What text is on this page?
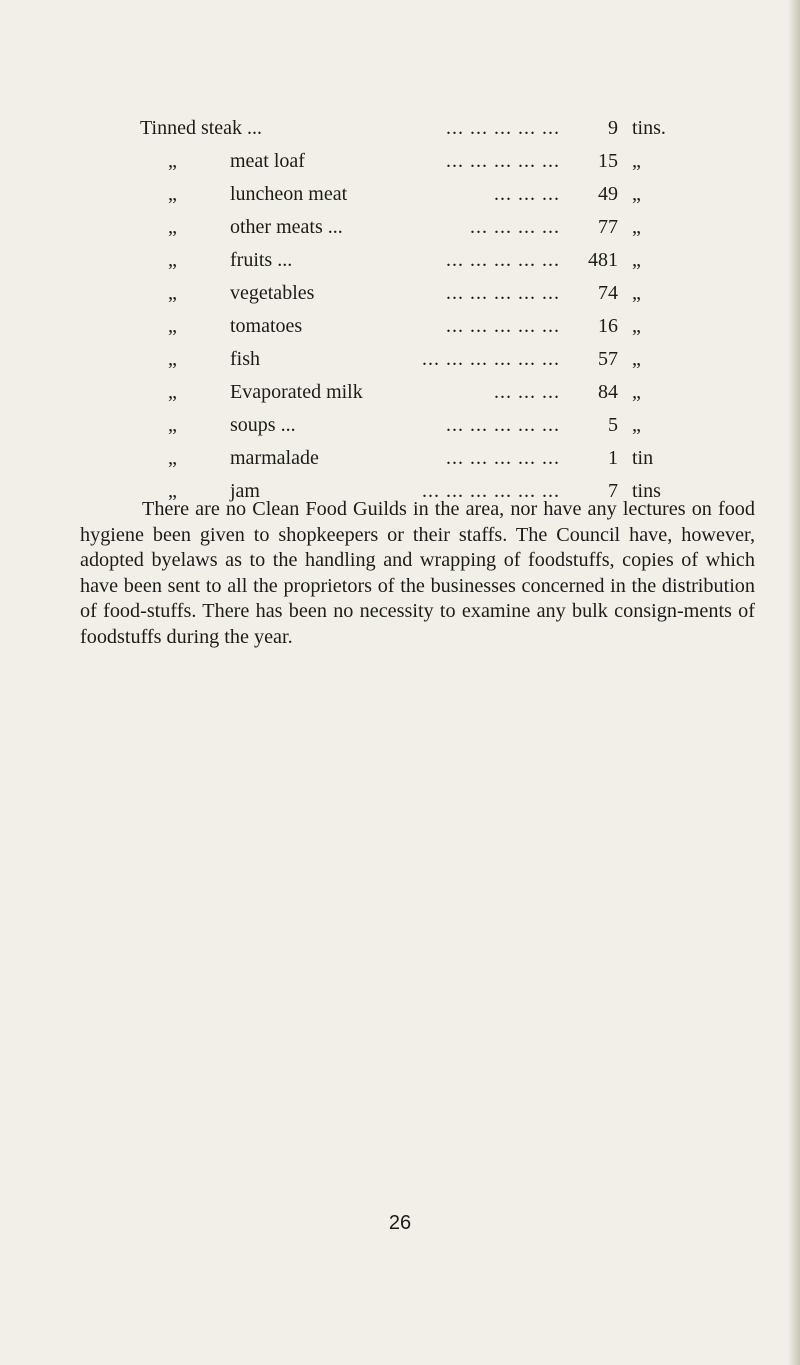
Tinned steak ...	... ... ... ... ...	9 tins.
„	meat loaf	... ... ... ... ...	15 „
„	luncheon meat	... ... ...	49 „
„	other meats ...	... ... ... ...	77 „
„	fruits ...	... ... ... ... ...	481 „
„	vegetables	... ... ... ... ...	74 „
„	tomatoes	... ... ... ... ...	16 „
„	fish	... ... ... ... ... ...	57 „
„	Evaporated milk	... ... ...	84 „
„	soups ...	... ... ... ... ...	5 „
„	marmalade	... ... ... ... ...	1 tin
„	jam	... ... ... ... ... ...	7 tins

There are no Clean Food Guilds in the area, nor have any lectures on food hygiene been given to shopkeepers or their staffs. The Council have, however, adopted byelaws as to the handling and wrapping of foodstuffs, copies of which have been sent to all the proprietors of the businesses concerned in the distribution of food-stuffs. There has been no necessity to examine any bulk consign-ments of foodstuffs during the year.

26
